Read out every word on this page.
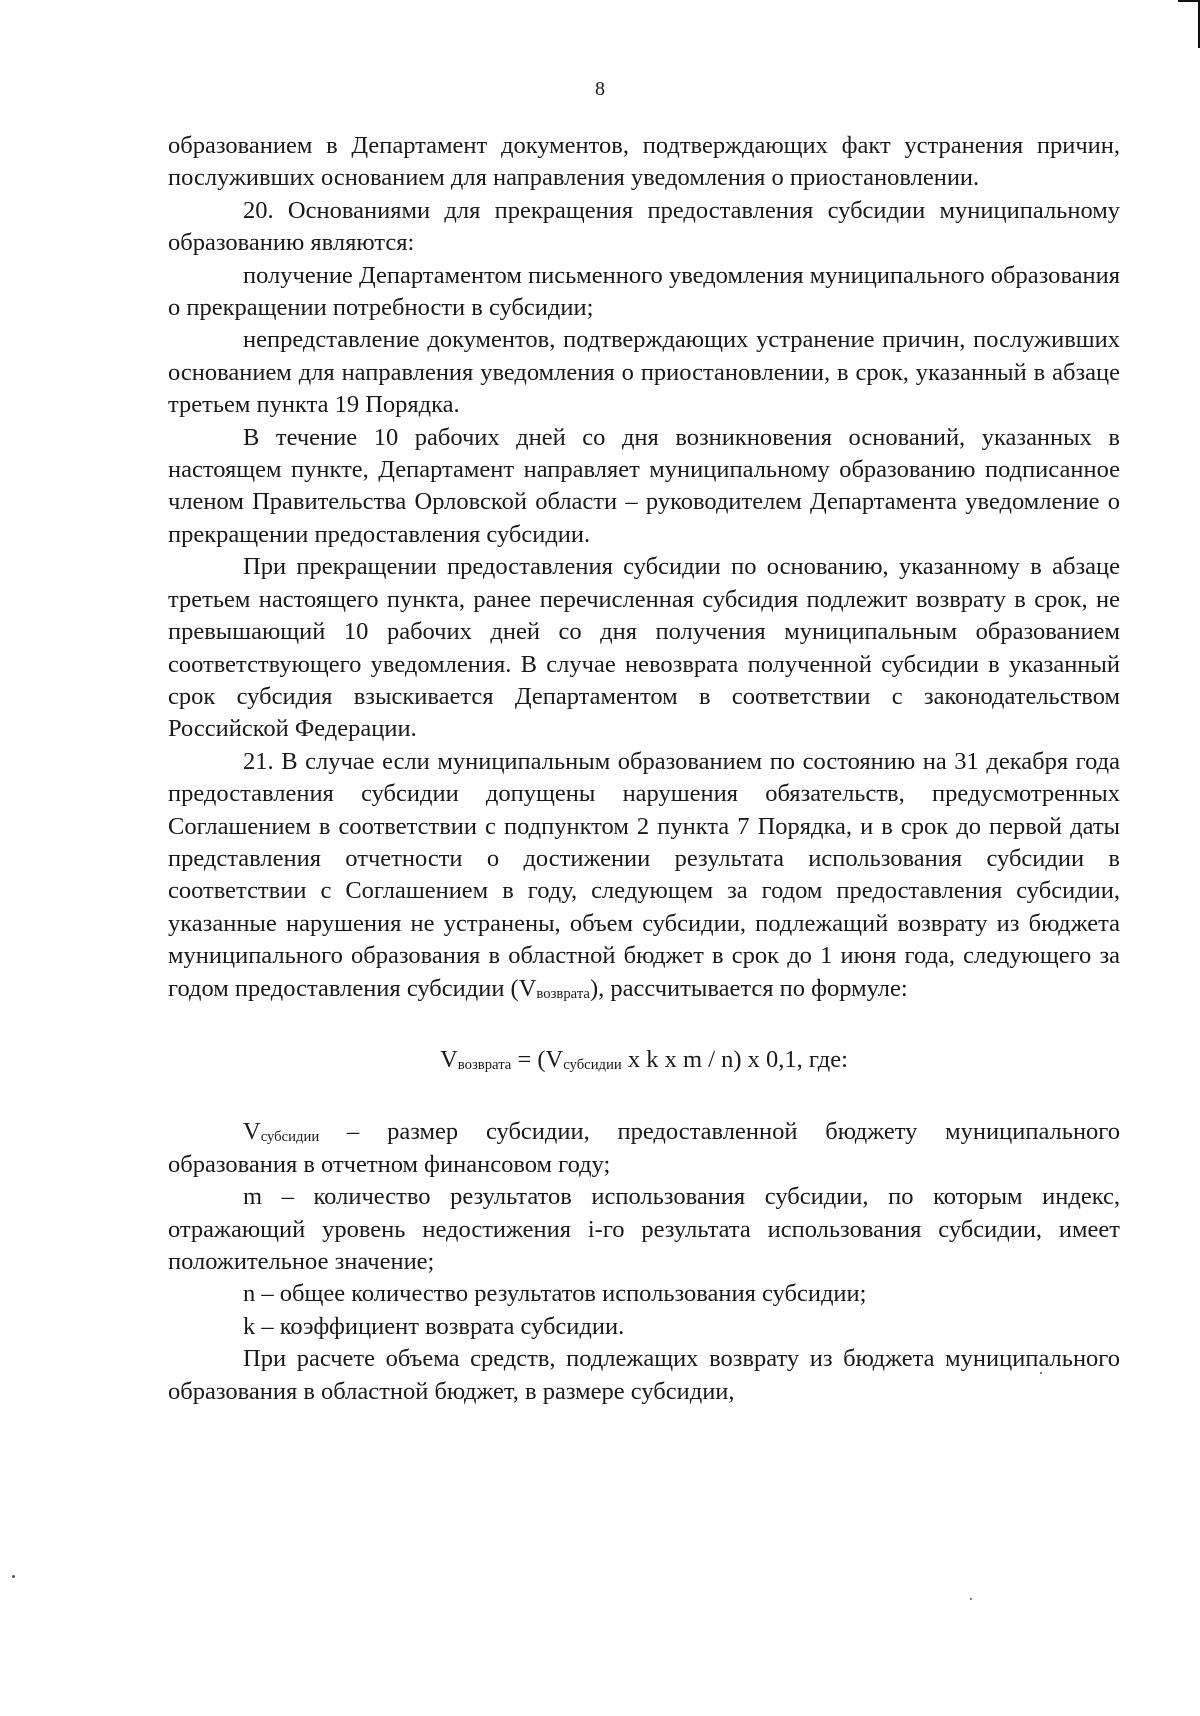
8

образованием в Департамент документов, подтверждающих факт устранения причин, послуживших основанием для направления уведомления о приостановлении.

20. Основаниями для прекращения предоставления субсидии муниципальному образованию являются:

получение Департаментом письменного уведомления муниципального образования о прекращении потребности в субсидии;

непредставление документов, подтверждающих устранение причин, послуживших основанием для направления уведомления о приостановлении, в срок, указанный в абзаце третьем пункта 19 Порядка.

В течение 10 рабочих дней со дня возникновения оснований, указанных в настоящем пункте, Департамент направляет муниципальному образованию подписанное членом Правительства Орловской области – руководителем Департамента уведомление о прекращении предоставления субсидии.

При прекращении предоставления субсидии по основанию, указанному в абзаце третьем настоящего пункта, ранее перечисленная субсидия подлежит возврату в срок, не превышающий 10 рабочих дней со дня получения муниципальным образованием соответствующего уведомления. В случае невозврата полученной субсидии в указанный срок субсидия взыскивается Департаментом в соответствии с законодательством Российской Федерации.

21. В случае если муниципальным образованием по состоянию на 31 декабря года предоставления субсидии допущены нарушения обязательств, предусмотренных Соглашением в соответствии с подпунктом 2 пункта 7 Порядка, и в срок до первой даты представления отчетности о достижении результата использования субсидии в соответствии с Соглашением в году, следующем за годом предоставления субсидии, указанные нарушения не устранены, объем субсидии, подлежащий возврату из бюджета муниципального образования в областной бюджет в срок до 1 июня года, следующего за годом предоставления субсидии $(V_{возврата})$, рассчитывается по формуле:

$V_{возврата} = (V_{субсидии}$ x k x m / n) x 0,1, где:

$V_{субсидии}$ – размер субсидии, предоставленной бюджету муниципального образования в отчетном финансовом году;

m – количество результатов использования субсидии, по которым индекс, отражающий уровень недостижения i-го результата использования субсидии, имеет положительное значение;

n – общее количество результатов использования субсидии;

k – коэффициент возврата субсидии.

При расчете объема средств, подлежащих возврату из бюджета муниципального образования в областной бюджет, в размере субсидии,
